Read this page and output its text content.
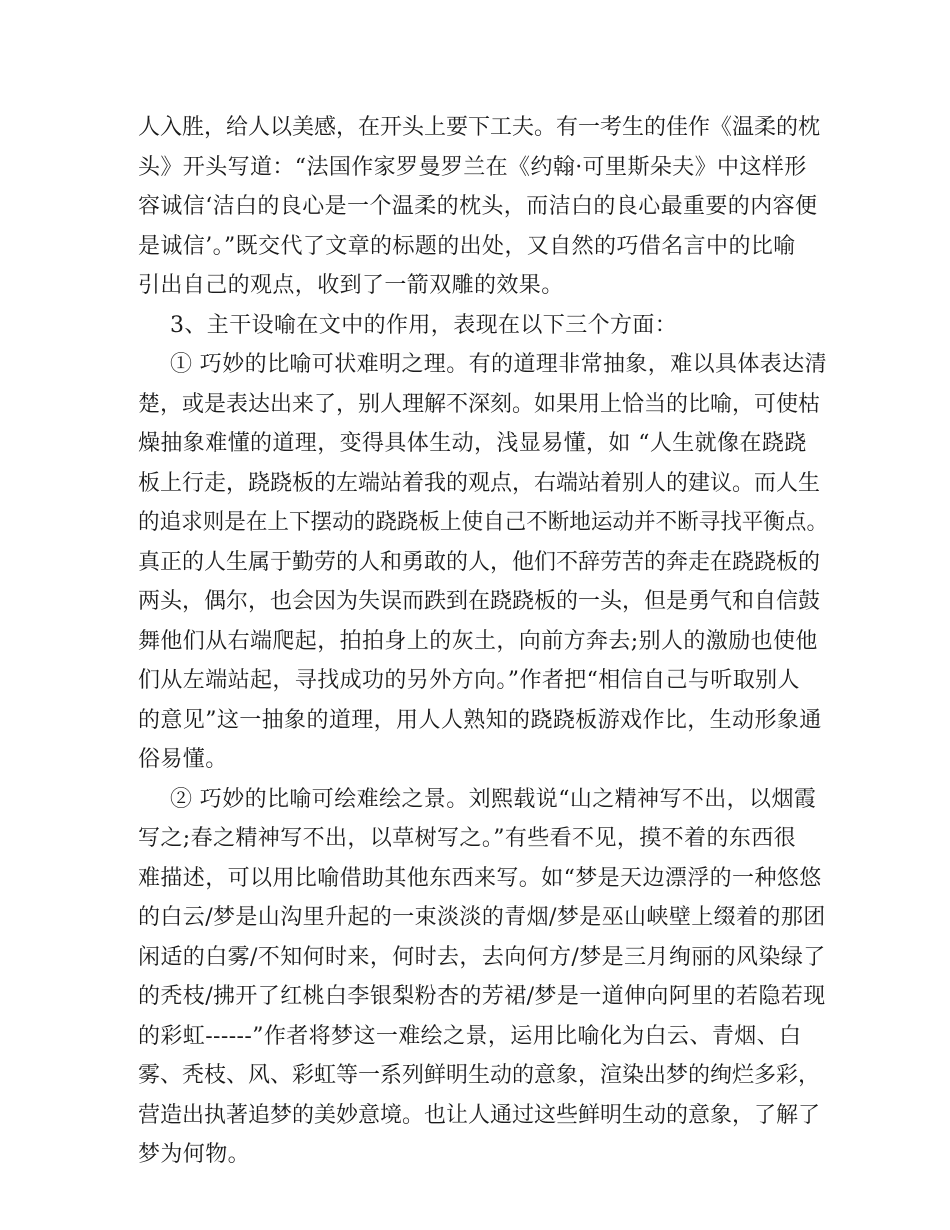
人入胜，给人以美感，在开头上要下工夫。有一考生的佳作《温柔的枕
头》开头写道：“法国作家罗曼罗兰在《约翰·可里斯朵夫》中这样形
容诚信‘洁白的良心是一个温柔的枕头，而洁白的良心最重要的内容便
是诚信’。”既交代了文章的标题的出处，又自然的巧借名言中的比喻
引出自己的观点，收到了一箭双雕的效果。
3、主干设喻在文中的作用，表现在以下三个方面：
① 巧妙的比喻可状难明之理。有的道理非常抽象，难以具体表达清
楚，或是表达出来了，别人理解不深刻。如果用上恰当的比喻，可使枯
燥抽象难懂的道理，变得具体生动，浅显易懂，如 “人生就像在跷跷
板上行走，跷跷板的左端站着我的观点，右端站着别人的建议。而人生
的追求则是在上下摆动的跷跷板上使自己不断地运动并不断寻找平衡点。
真正的人生属于勤劳的人和勇敢的人，他们不辞劳苦的奔走在跷跷板的
两头，偶尔，也会因为失误而跌到在跷跷板的一头，但是勇气和自信鼓
舞他们从右端爬起，拍拍身上的灰土，向前方奔去;别人的激励也使他
们从左端站起，寻找成功的另外方向。”作者把“相信自己与听取别人
的意见”这一抽象的道理，用人人熟知的跷跷板游戏作比，生动形象通
俗易懂。
② 巧妙的比喻可绘难绘之景。刘熙载说“山之精神写不出，以烟霞
写之;春之精神写不出，以草树写之。”有些看不见，摸不着的东西很
难描述，可以用比喻借助其他东西来写。如“梦是天边漂浮的一种悠悠
的白云/梦是山沟里升起的一束淡淡的青烟/梦是巫山峡壁上缀着的那团
闲适的白雾/不知何时来，何时去，去向何方/梦是三月绚丽的风染绿了
的秃枝/拂开了红桃白李银梨粉杏的芳裙/梦是一道伸向阿里的若隐若现
的彩虹------”作者将梦这一难绘之景，运用比喻化为白云、青烟、白
雾、秃枝、风、彩虹等一系列鲜明生动的意象，渲染出梦的绚烂多彩，
营造出执著追梦的美妙意境。也让人通过这些鲜明生动的意象，了解了
梦为何物。
